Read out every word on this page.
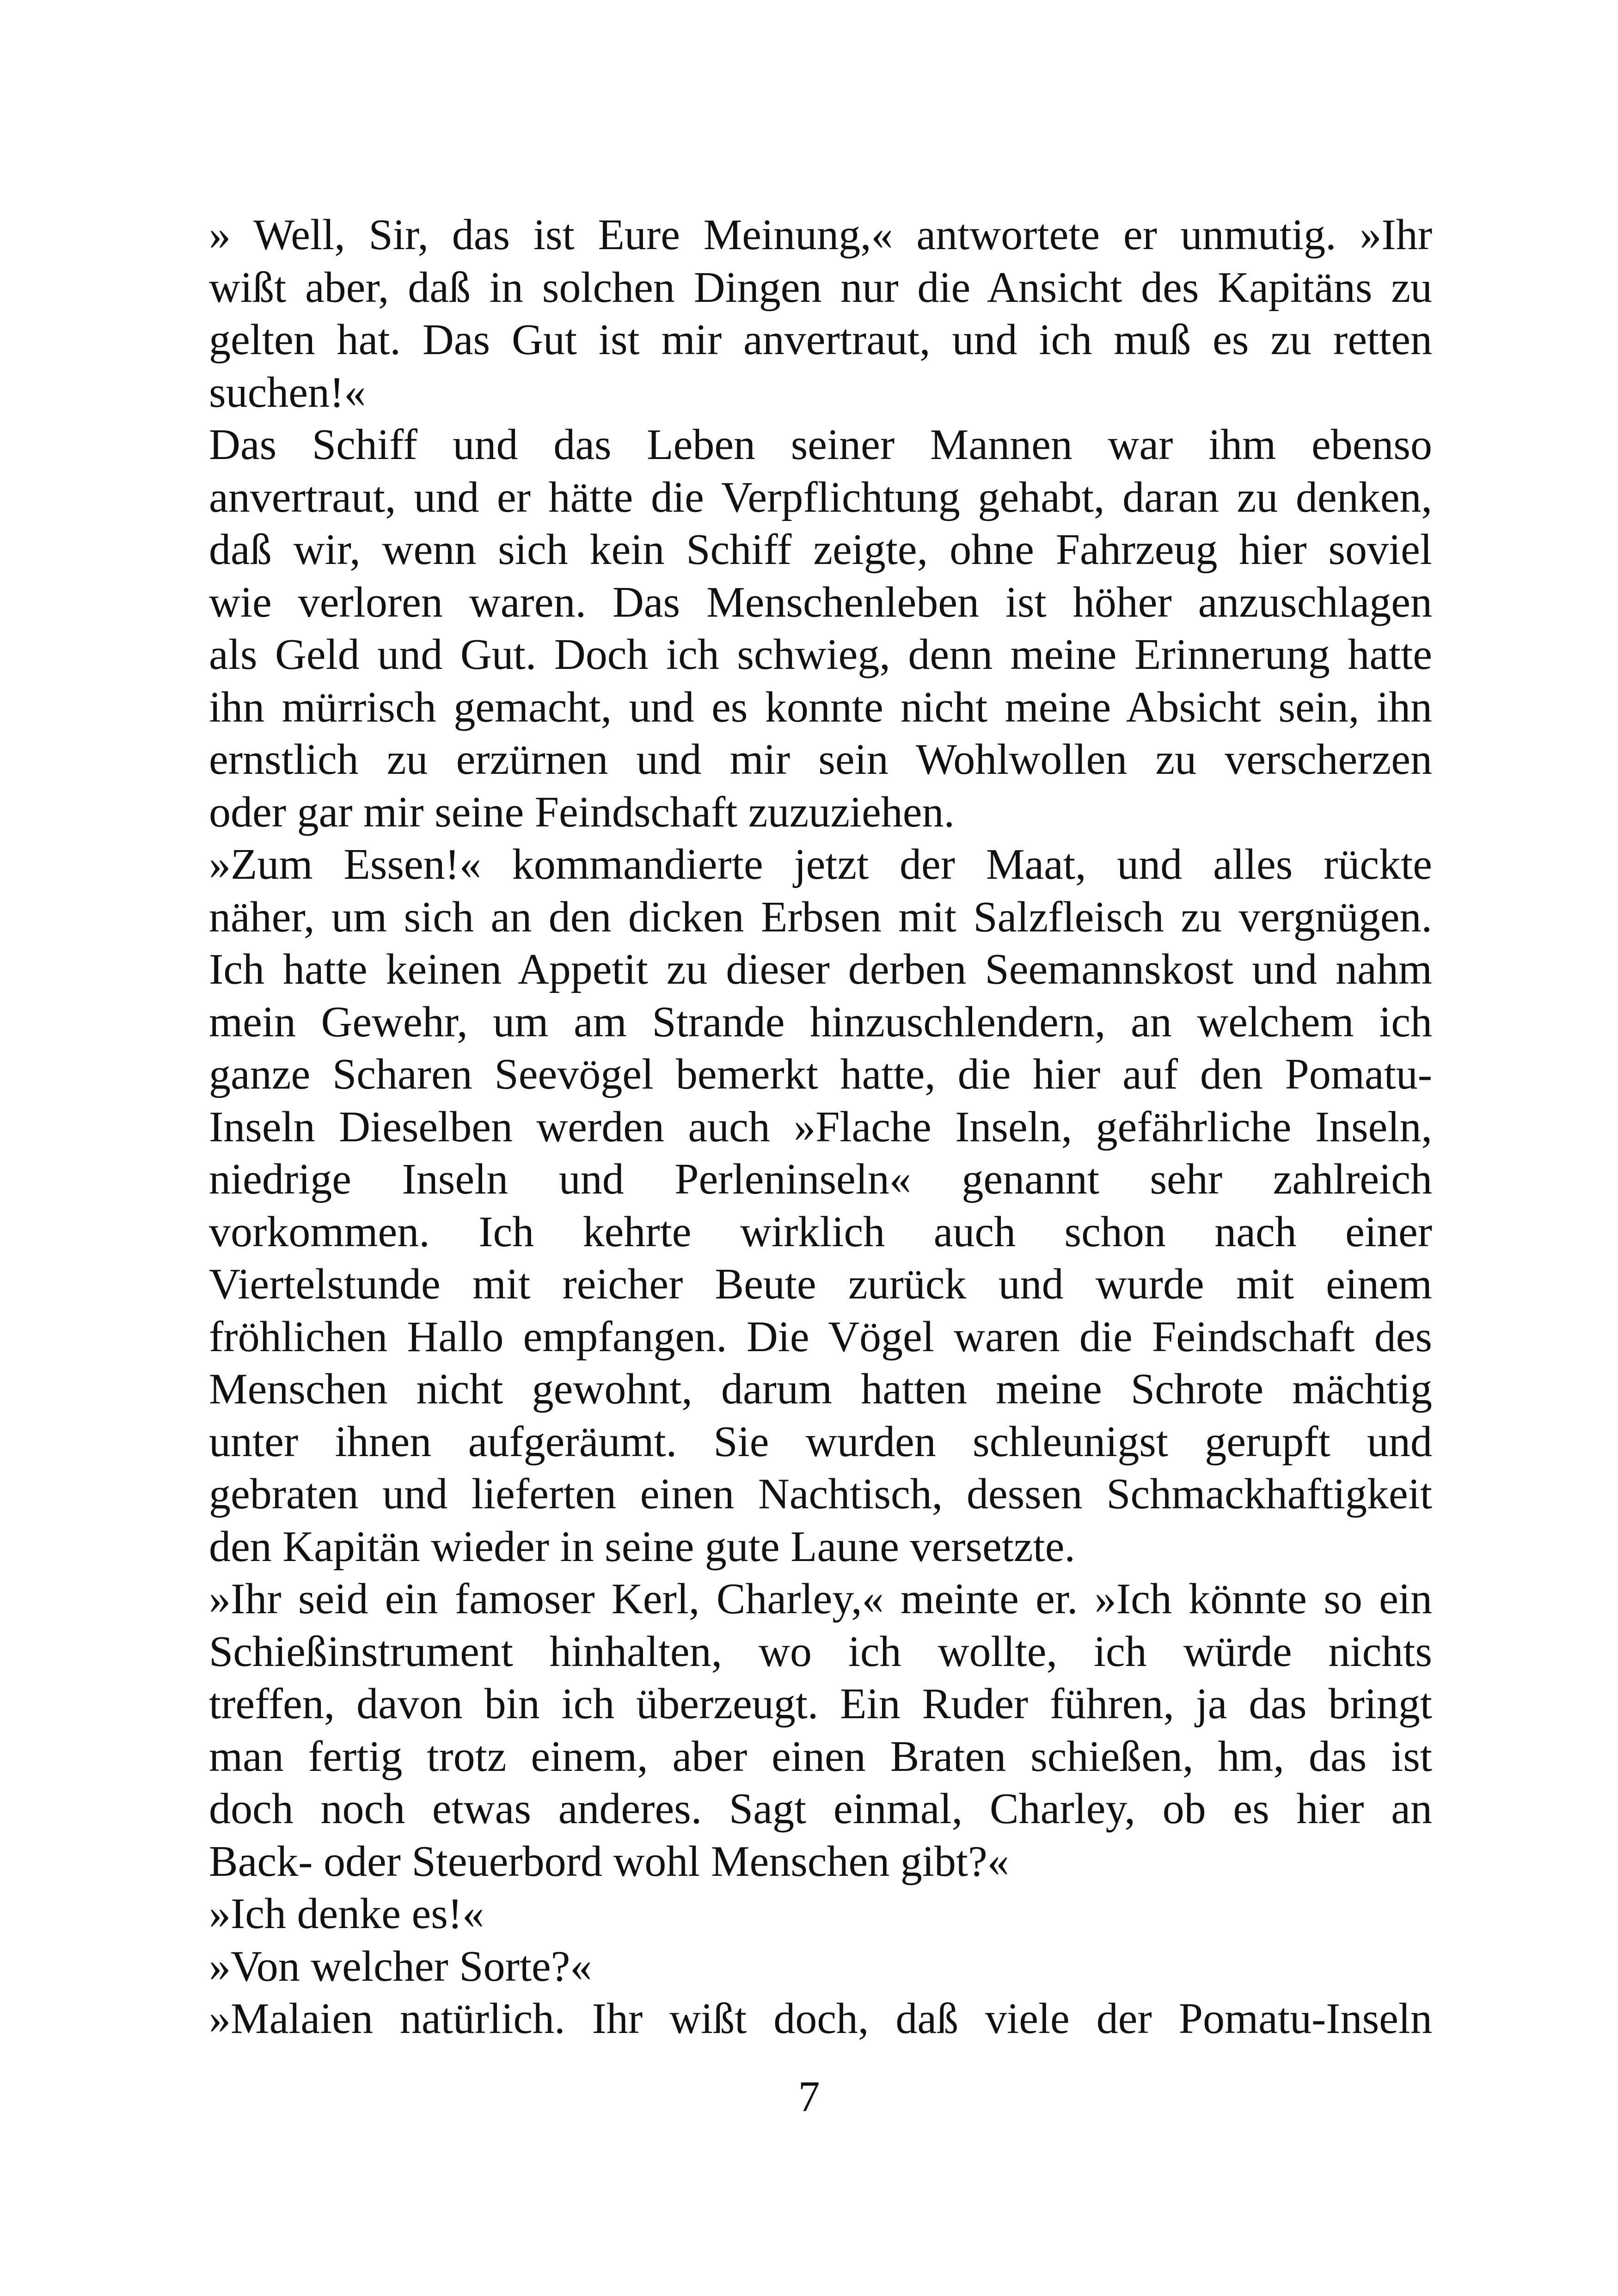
» Well, Sir, das ist Eure Meinung,« antwortete er unmutig. »Ihr
wißt aber, daß in solchen Dingen nur die Ansicht des Kapitäns zu
gelten hat. Das Gut ist mir anvertraut, und ich muß es zu retten
suchen!«
Das Schiff und das Leben seiner Mannen war ihm ebenso
anvertraut, und er hätte die Verpflichtung gehabt, daran zu denken,
daß wir, wenn sich kein Schiff zeigte, ohne Fahrzeug hier soviel
wie verloren waren. Das Menschenleben ist höher anzuschlagen
als Geld und Gut. Doch ich schwieg, denn meine Erinnerung hatte
ihn mürrisch gemacht, und es konnte nicht meine Absicht sein, ihn
ernstlich zu erzürnen und mir sein Wohlwollen zu verscherzen
oder gar mir seine Feindschaft zuzuziehen.
»Zum Essen!« kommandierte jetzt der Maat, und alles rückte
näher, um sich an den dicken Erbsen mit Salzfleisch zu vergnügen.
Ich hatte keinen Appetit zu dieser derben Seemannskost und nahm
mein Gewehr, um am Strande hinzuschlendern, an welchem ich
ganze Scharen Seevögel bemerkt hatte, die hier auf den Pomatu-
Inseln Dieselben werden auch »Flache Inseln, gefährliche Inseln,
niedrige Inseln und Perleninseln« genannt sehr zahlreich
vorkommen. Ich kehrte wirklich auch schon nach einer
Viertelstunde mit reicher Beute zurück und wurde mit einem
fröhlichen Hallo empfangen. Die Vögel waren die Feindschaft des
Menschen nicht gewohnt, darum hatten meine Schrote mächtig
unter ihnen aufgeräumt. Sie wurden schleunigst gerupft und
gebraten und lieferten einen Nachtisch, dessen Schmackhaftigkeit
den Kapitän wieder in seine gute Laune versetzte.
»Ihr seid ein famoser Kerl, Charley,« meinte er. »Ich könnte so ein
Schießinstrument hinhalten, wo ich wollte, ich würde nichts
treffen, davon bin ich überzeugt. Ein Ruder führen, ja das bringt
man fertig trotz einem, aber einen Braten schießen, hm, das ist
doch noch etwas anderes. Sagt einmal, Charley, ob es hier an
Back- oder Steuerbord wohl Menschen gibt?«
»Ich denke es!«
»Von welcher Sorte?«
»Malaien natürlich. Ihr wißt doch, daß viele der Pomatu-Inseln
7
